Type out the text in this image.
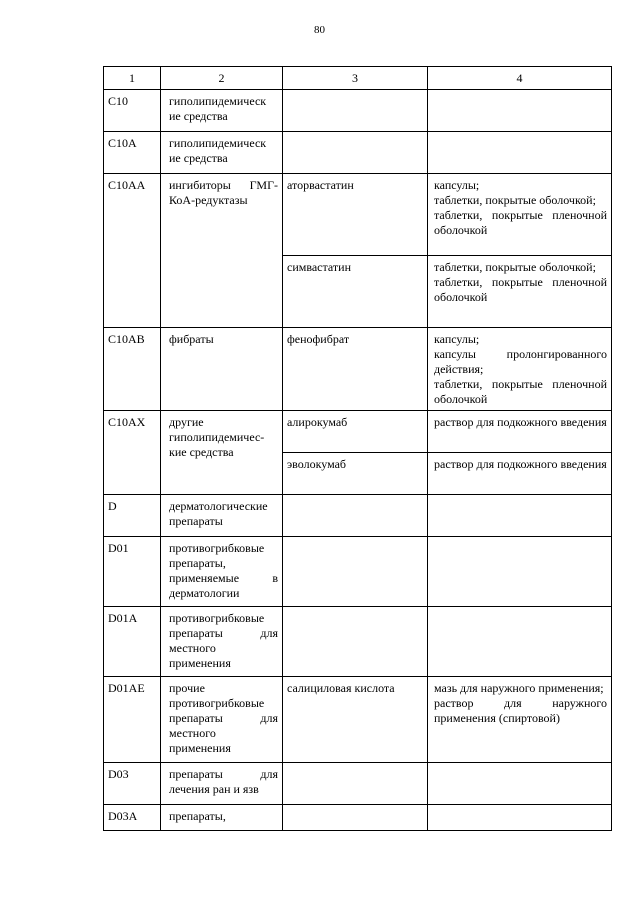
80
1	2	3	4
C10	гиполипидемическ ие средства		
C10A	гиполипидемическ ие средства		
C10AA	ингибиторы ГМГ-КоА-редуктазы	аторвастатин	капсулы;
таблетки, покрытые оболочкой;
таблетки, покрытые пленочной оболочкой

		симвастатин	таблетки, покрытые оболочкой;
таблетки, покрытые пленочной оболочкой

C10AB	фибраты	фенофибрат	капсулы;
капсулы пролонгированного действия;
таблетки, покрытые пленочной оболочкой

C10AX	другие гиполипидемичес-кие средства	алирокумаб	раствор для подкожного введения

		эволокумаб	раствор для подкожного введения

D	дерматологические препараты		
D01	противогрибковые препараты, применяемые в дерматологии		
D01A	противогрибковые препараты для местного применения		
D01AE	прочие противогрибковые препараты для местного применения	салициловая кислота	мазь для наружного применения;
раствор для наружного применения (спиртовой)

D03	препараты для лечения ран и язв		
D03A	препараты,		
